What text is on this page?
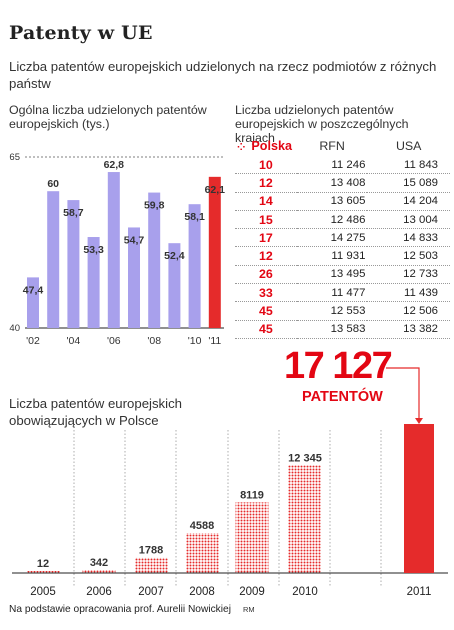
Patenty w UE
Liczba patentów europejskich udzielonych na rzecz podmiotów z różnych państw
Ogólna liczba udzielonych patentów europejskich (tys.)
Liczba udzielonych patentów europejskich w poszczególnych krajach
65
40
47,4
'02
60
58,7
'04
53,3
62,8
'06
54,7
59,8
'08
52,4
58,1
'10
62,1
'11
⁘ Polska	RFN	USA
10	11 246	11 843
12	13 408	15 089
14	13 605	14 204
15	12 486	13 004
17	14 275	14 833
12	11 931	12 503
26	13 495	12 733
33	11 477	11 439
45	12 553	12 506
45	13 583	13 382
Liczba patentów europejskich obowiązujących w Polsce
12
2005
342
2006
1788
2007
4588
2008
8119
2009
12 345
2010	2011
17 127
PATENTÓW
Na podstawie opracowania prof. Aurelii Nowickiej RM
